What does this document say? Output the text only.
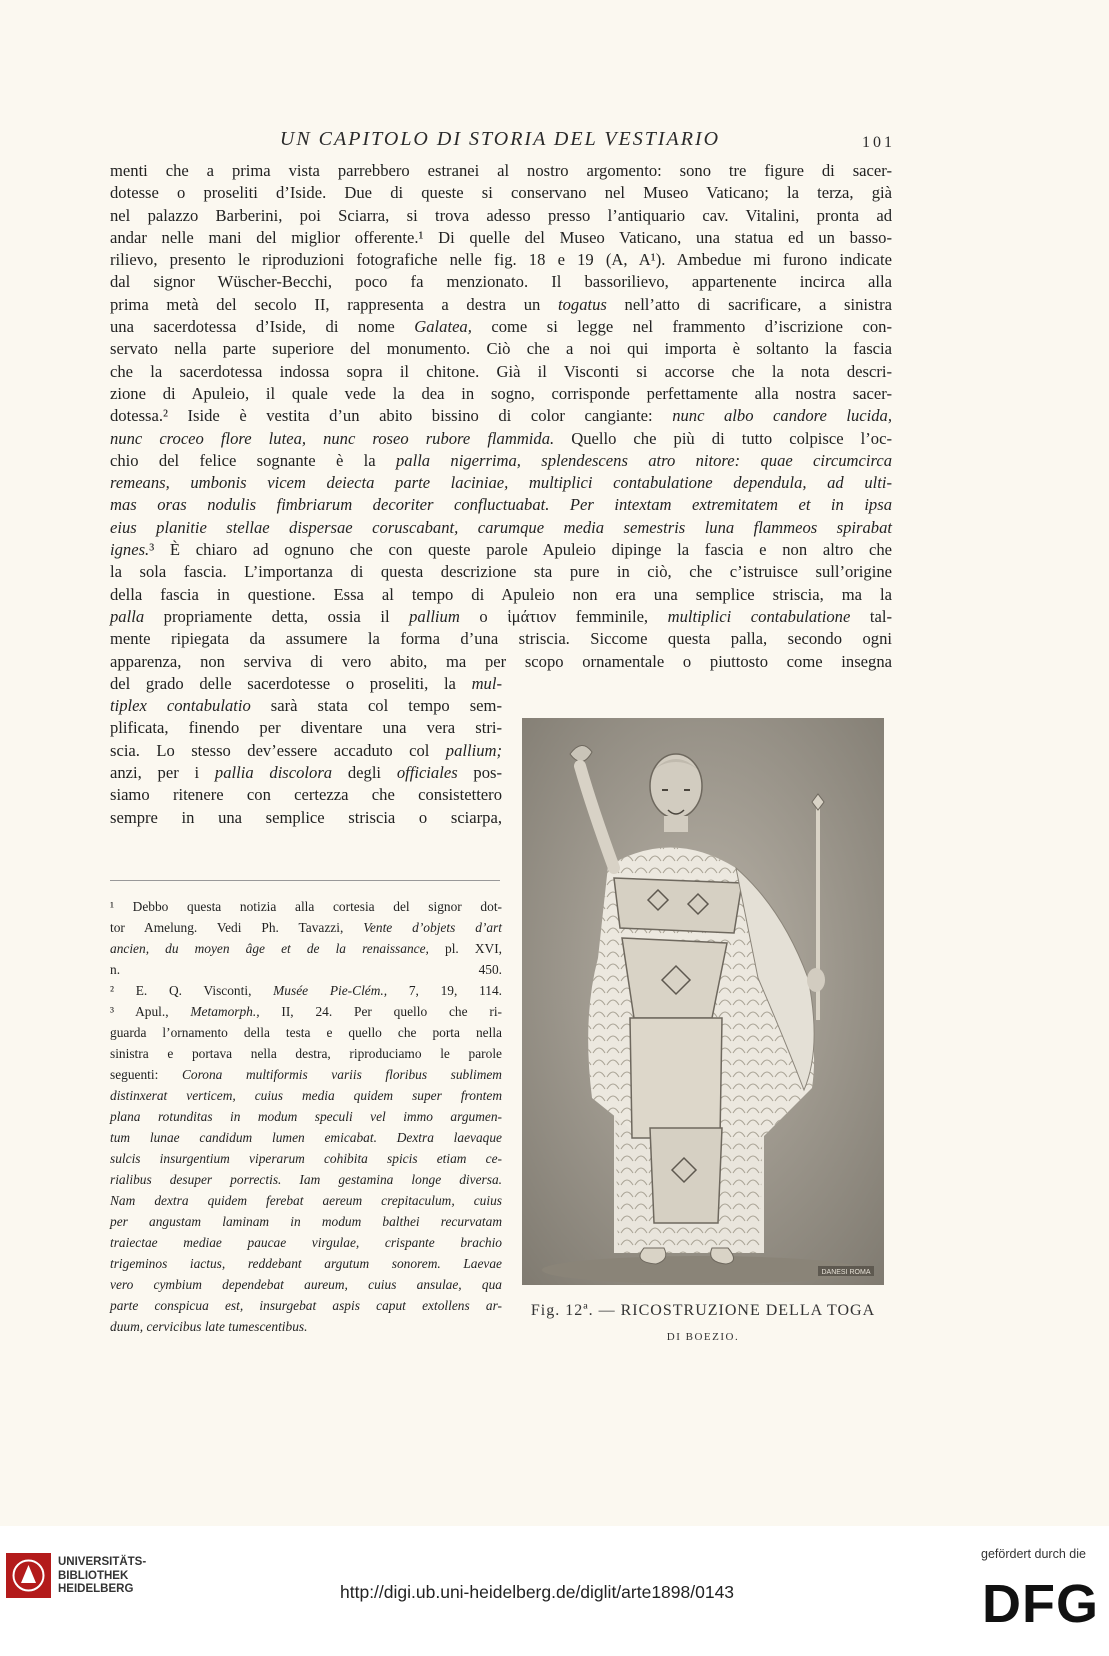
UN CAPITOLO DI STORIA DEL VESTIARIO	101
menti che a prima vista parrebbero estranei al nostro argomento: sono tre figure di sacer-
dotesse o proseliti d’Iside. Due di queste si conservano nel Museo Vaticano; la terza, già
nel palazzo Barberini, poi Sciarra, si trova adesso presso l’antiquario cav. Vitalini, pronta ad
andar nelle mani del miglior offerente.¹ Di quelle del Museo Vaticano, una statua ed un basso-
rilievo, presento le riproduzioni fotografiche nelle fig. 18 e 19 (A, A¹). Ambedue mi furono indicate
dal signor Wüscher-Becchi, poco fa menzionato. Il bassorilievo, appartenente incirca alla
prima metà del secolo II, rappresenta a destra un togatus nell’atto di sacrificare, a sinistra
una sacerdotessa d’Iside, di nome Galatea, come si legge nel frammento d’iscrizione con-
servato nella parte superiore del monumento. Ciò che a noi qui importa è soltanto la fascia
che la sacerdotessa indossa sopra il chitone. Già il Visconti si accorse che la nota descri-
zione di Apuleio, il quale vede la dea in sogno, corrisponde perfettamente alla nostra sacer-
dotessa.² Iside è vestita d’un abito bissino di color cangiante: nunc albo candore lucida,
nunc croceo flore lutea, nunc roseo rubore flammida. Quello che più di tutto colpisce l’oc-
chio del felice sognante è la palla nigerrima, splendescens atro nitore: quae circumcirca
remeans, umbonis vicem deiecta parte laciniae, multiplici contabulatione dependula, ad ulti-
mas oras nodulis fimbriarum decoriter confluctuabat. Per intextam extremitatem et in ipsa
eius planitie stellae dispersae coruscabant, carumque media semestris luna flammeos spirabat
ignes.³ È chiaro ad ognuno che con queste parole Apuleio dipinge la fascia e non altro che
la sola fascia. L’importanza di questa descrizione sta pure in ciò, che c’istruisce sull’origine
della fascia in questione. Essa al tempo di Apuleio non era una semplice striscia, ma la
palla propriamente detta, ossia il pallium o ἱμάτιον femminile, multiplici contabulatione tal-
mente ripiegata da assumere la forma d’una striscia. Siccome questa palla, secondo ogni
apparenza, non serviva di vero abito, ma per scopo ornamentale o piuttosto come insegna
del grado delle sacerdotesse o proseliti, la mul-
tiplex contabulatio sarà stata col tempo sem-
plificata, finendo per diventare una vera stri-
scia. Lo stesso dev’essere accaduto col pallium;
anzi, per i pallia discolora degli officiales pos-
siamo ritenere con certezza che consistettero
sempre in una semplice striscia o sciarpa,
¹ Debbo questa notizia alla cortesia del signor dot-
tor Amelung. Vedi Ph. Tavazzi, Vente d’objets d’art
ancien, du moyen âge et de la renaissance, pl. XVI,
n. 450.
² E. Q. Visconti, Musée Pie-Clém., 7, 19, 114.
³ Apul., Metamorph., II, 24. Per quello che ri-
guarda l’ornamento della testa e quello che porta nella
sinistra e portava nella destra, riproduciamo le parole
seguenti: Corona multiformis variis floribus sublimem
distinxerat verticem, cuius media quidem super frontem
plana rotunditas in modum speculi vel immo argumen-
tum lunae candidum lumen emicabat. Dextra laevaque
sulcis insurgentium viperarum cohibita spicis etiam ce-
rialibus desuper porrectis. Iam gestamina longe diversa.
Nam dextra quidem ferebat aereum crepitaculum, cuius
per angustam laminam in modum balthei recurvatam
traiectae mediae paucae virgulae, crispante brachio
trigeminos iactus, reddebant argutum sonorem. Laevae
vero cymbium dependebat aureum, cuius ansulae, qua
parte conspicua est, insurgebat aspis caput extollens ar-
duum, cervicibus late tumescentibus.
DANESI ROMA
Fig. 12ª. — RICOSTRUZIONE DELLA TOGA
DI BOEZIO.
UNIVERSITÄTS-
BIBLIOTHEK
HEIDELBERG	http://digi.ub.uni-heidelberg.de/diglit/arte1898/0143
gefördert durch die
DFG
